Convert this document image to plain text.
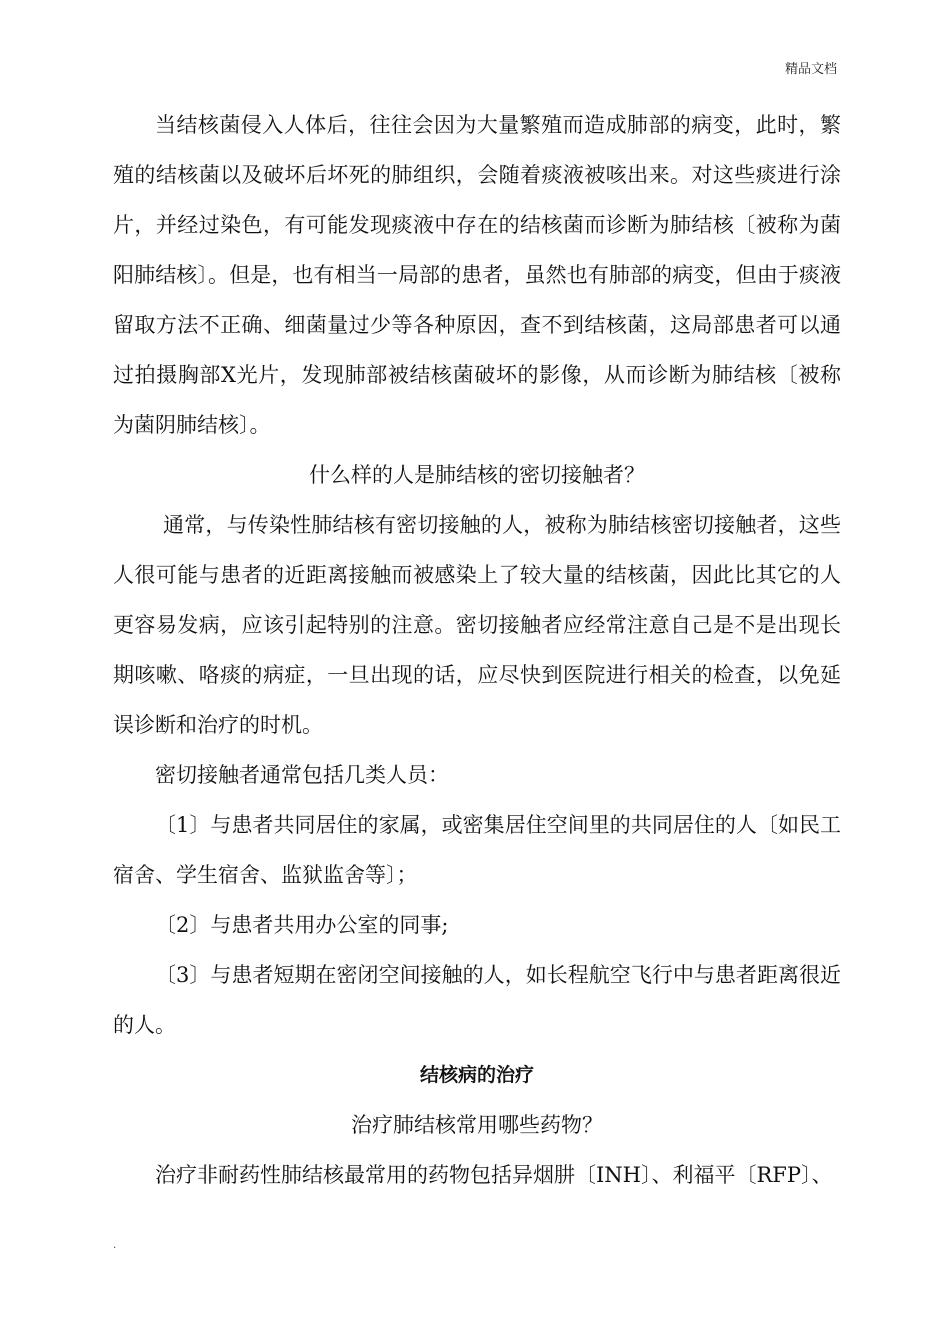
精品文档

当结核菌侵入人体后，往往会因为大量繁殖而造成肺部的病变，此时，繁殖的结核菌以及破坏后坏死的肺组织，会随着痰液被咳出来。对这些痰进行涂片，并经过染色，有可能发现痰液中存在的结核菌而诊断为肺结核〔被称为菌阳肺结核〕。但是，也有相当一局部的患者，虽然也有肺部的病变，但由于痰液留取方法不正确、细菌量过少等各种原因，查不到结核菌，这局部患者可以通过拍摄胸部X光片，发现肺部被结核菌破坏的影像，从而诊断为肺结核〔被称为菌阴肺结核〕。

什么样的人是肺结核的密切接触者？

通常，与传染性肺结核有密切接触的人，被称为肺结核密切接触者，这些人很可能与患者的近距离接触而被感染上了较大量的结核菌，因此比其它的人更容易发病，应该引起特别的注意。密切接触者应经常注意自己是不是出现长期咳嗽、咯痰的病症，一旦出现的话，应尽快到医院进行相关的检查，以免延误诊断和治疗的时机。

密切接触者通常包括几类人员：

〔1〕与患者共同居住的家属，或密集居住空间里的共同居住的人〔如民工宿舍、学生宿舍、监狱监舍等〕；

〔2〕与患者共用办公室的同事;

〔3〕与患者短期在密闭空间接触的人，如长程航空飞行中与患者距离很近的人。

结核病的治疗

治疗肺结核常用哪些药物？

治疗非耐药性肺结核最常用的药物包括异烟肼〔INH〕、利福平〔RFP〕、

.
